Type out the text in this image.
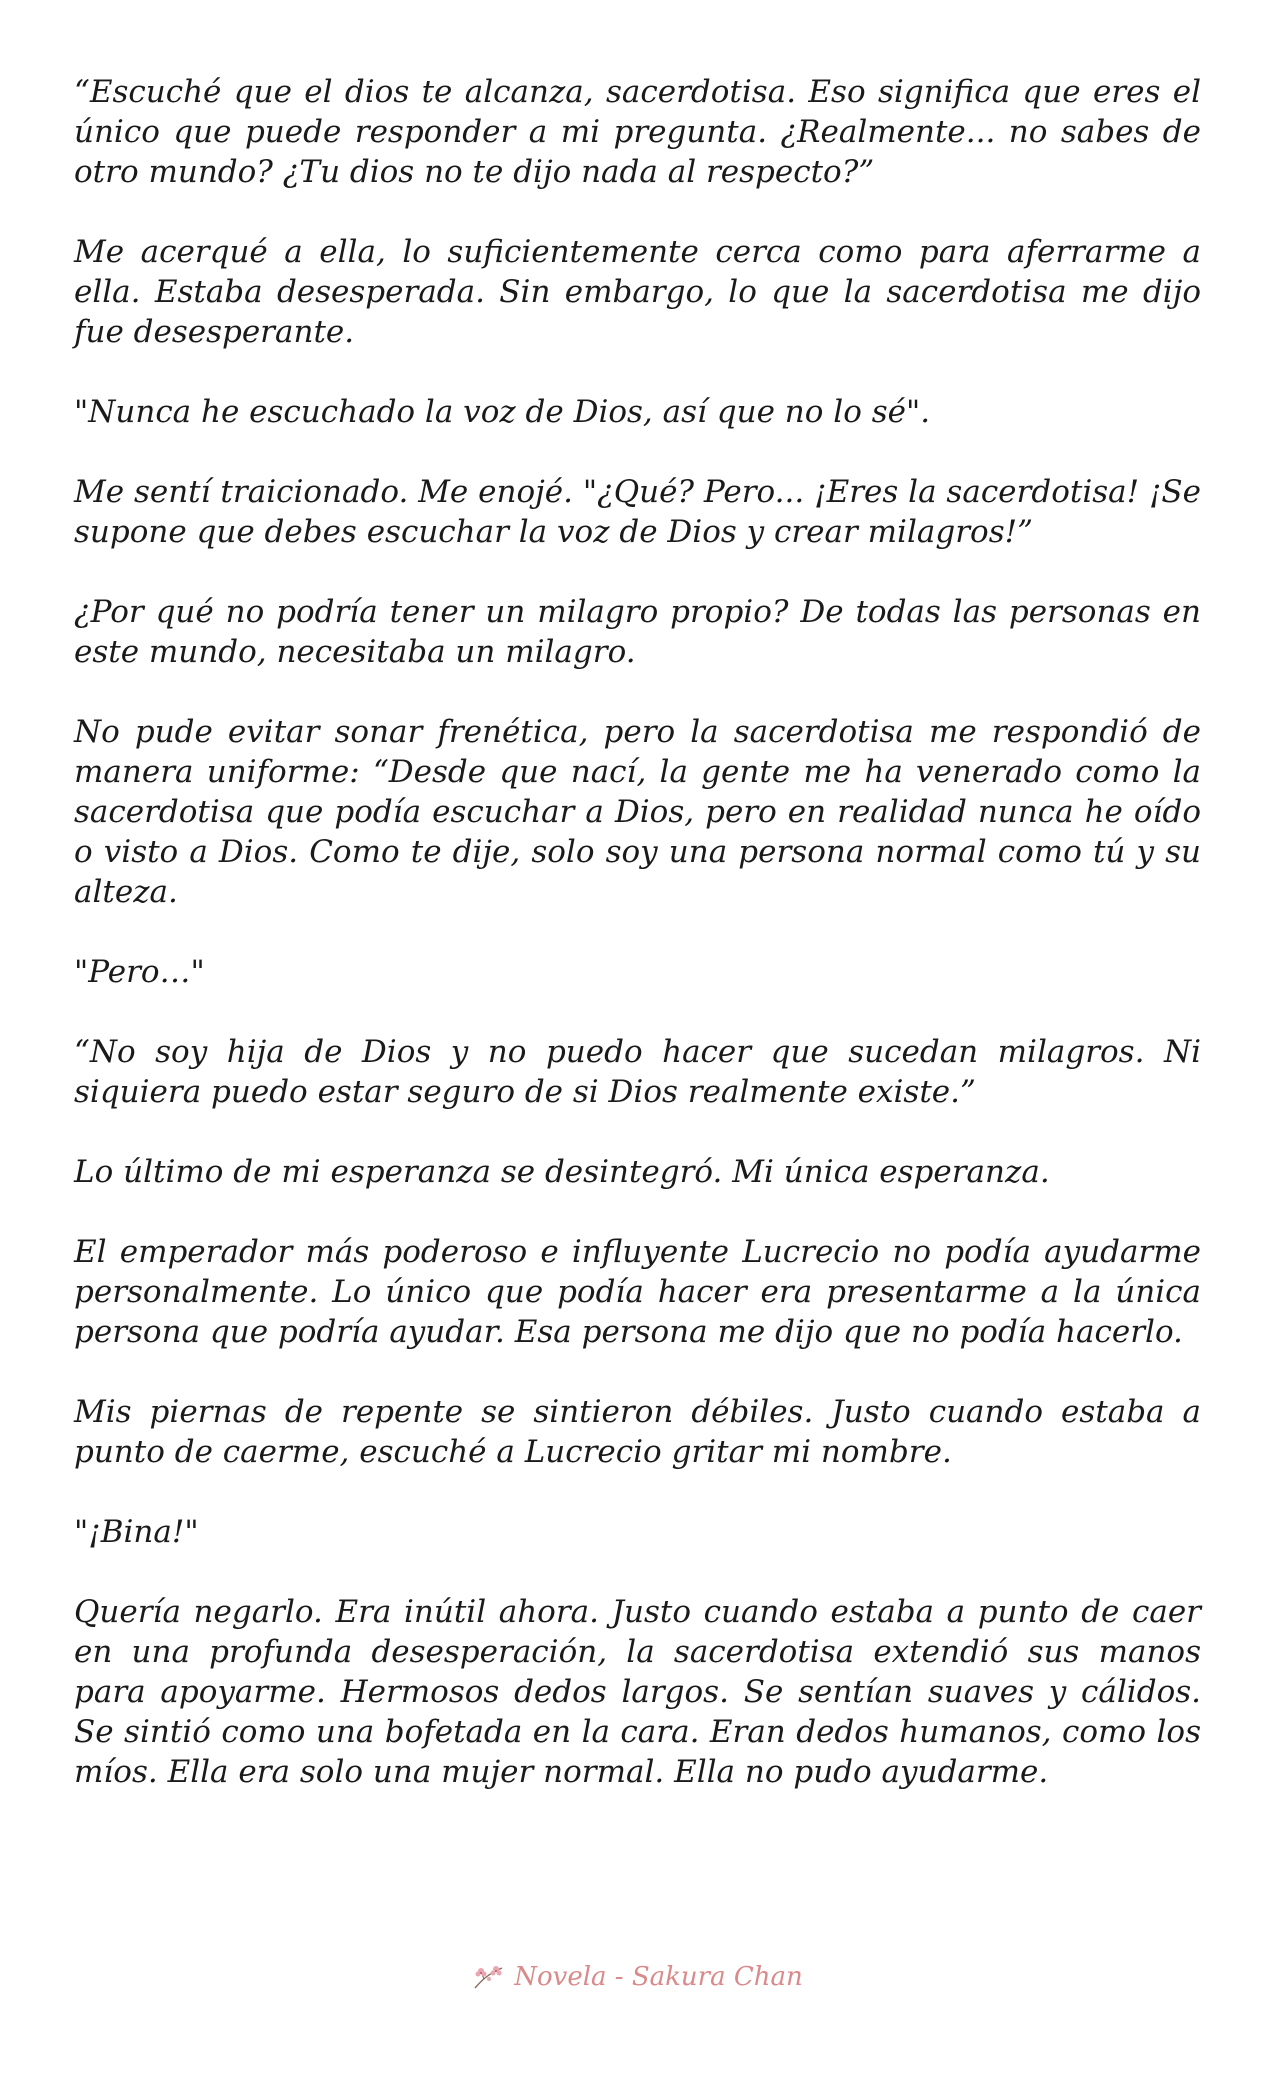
“Escuché que el dios te alcanza, sacerdotisa. Eso significa que eres el único que puede responder a mi pregunta. ¿Realmente... no sabes de otro mundo? ¿Tu dios no te dijo nada al respecto?”

Me acerqué a ella, lo suficientemente cerca como para aferrarme a ella. Estaba desesperada. Sin embargo, lo que la sacerdotisa me dijo fue desesperante.

"Nunca he escuchado la voz de Dios, así que no lo sé".

Me sentí traicionado. Me enojé. "¿Qué? Pero... ¡Eres la sacerdotisa! ¡Se supone que debes escuchar la voz de Dios y crear milagros!”

¿Por qué no podría tener un milagro propio? De todas las personas en este mundo, necesitaba un milagro.

No pude evitar sonar frenética, pero la sacerdotisa me respondió de manera uniforme: “Desde que nací, la gente me ha venerado como la sacerdotisa que podía escuchar a Dios, pero en realidad nunca he oído o visto a Dios. Como te dije, solo soy una persona normal como tú y su alteza.

"Pero…"

“No soy hija de Dios y no puedo hacer que sucedan milagros. Ni siquiera puedo estar seguro de si Dios realmente existe.”

Lo último de mi esperanza se desintegró. Mi única esperanza.

El emperador más poderoso e influyente Lucrecio no podía ayudarme personalmente. Lo único que podía hacer era presentarme a la única persona que podría ayudar. Esa persona me dijo que no podía hacerlo.

Mis piernas de repente se sintieron débiles. Justo cuando estaba a punto de caerme, escuché a Lucrecio gritar mi nombre.

"¡Bina!"

Quería negarlo. Era inútil ahora. Justo cuando estaba a punto de caer en una profunda desesperación, la sacerdotisa extendió sus manos para apoyarme. Hermosos dedos largos. Se sentían suaves y cálidos. Se sintió como una bofetada en la cara. Eran dedos humanos, como los míos. Ella era solo una mujer normal. Ella no pudo ayudarme.

Novela - Sakura Chan
